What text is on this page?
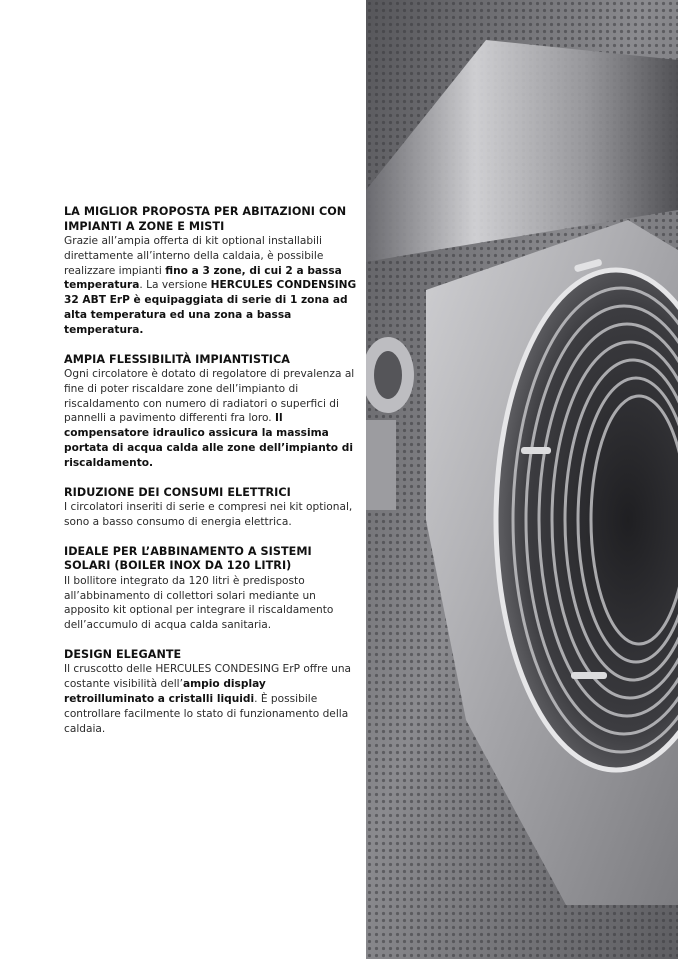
LA MIGLIOR PROPOSTA PER ABITAZIONI CON IMPIANTI A ZONE E MISTI

Grazie all’ampia offerta di kit optional installabili direttamente all’interno della caldaia, è possibile realizzare impianti fino a 3 zone, di cui 2 a bassa temperatura. La versione HERCULES CONDENSING 32 ABT ErP è equipaggiata di serie di 1 zona ad alta temperatura ed una zona a bassa temperatura.

AMPIA FLESSIBILITÀ IMPIANTISTICA

Ogni circolatore è dotato di regolatore di prevalenza al fine di poter riscaldare zone dell’impianto di riscaldamento con numero di radiatori o superfici di pannelli a pavimento differenti fra loro. Il compensatore idraulico assicura la massima portata di acqua calda alle zone dell’impianto di riscaldamento.

RIDUZIONE DEI CONSUMI ELETTRICI

I circolatori inseriti di serie e compresi nei kit optional, sono a basso consumo di energia elettrica.

IDEALE PER L’ABBINAMENTO A SISTEMI SOLARI (BOILER INOX DA 120 LITRI)

Il bollitore integrato da 120 litri è predisposto all’abbinamento di collettori solari mediante un apposito kit optional per integrare il riscaldamento dell’accumulo di acqua calda sanitaria.

DESIGN ELEGANTE

Il cruscotto delle HERCULES CONDESING ErP offre una costante visibilità dell’ampio display retroilluminato a cristalli liquidi. È possibile controllare facilmente lo stato di funzionamento della caldaia.
